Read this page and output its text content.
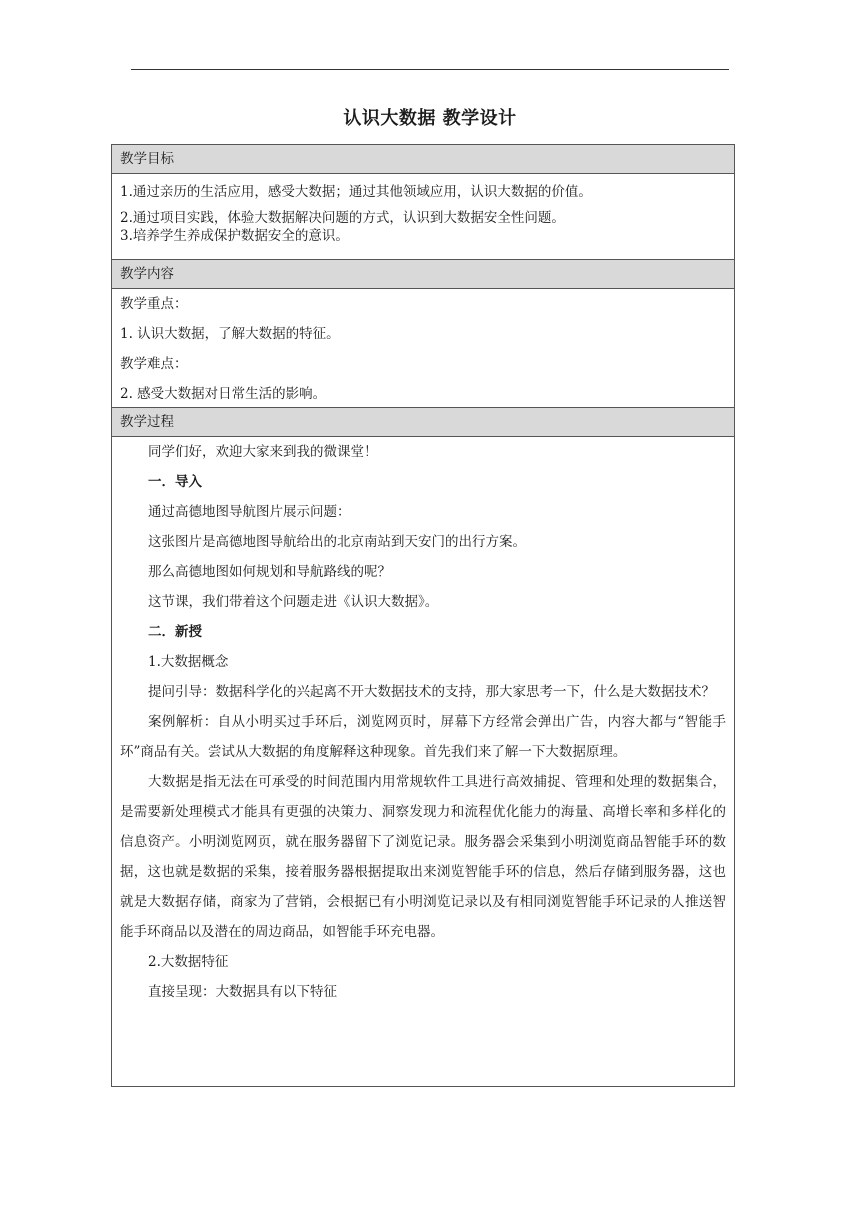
认识大数据 教学设计
教学目标
1.通过亲历的生活应用，感受大数据；通过其他领域应用，认识大数据的价值。
2.通过项目实践，体验大数据解决问题的方式，认识到大数据安全性问题。
3.培养学生养成保护数据安全的意识。
教学内容
教学重点：
1. 认识大数据，了解大数据的特征。
教学难点：
2. 感受大数据对日常生活的影响。
教学过程
同学们好，欢迎大家来到我的微课堂！
一．导入
通过高德地图导航图片展示问题：
这张图片是高德地图导航给出的北京南站到天安门的出行方案。
那么高德地图如何规划和导航路线的呢？
这节课，我们带着这个问题走进《认识大数据》。
二．新授
1.大数据概念
提问引导：数据科学化的兴起离不开大数据技术的支持，那大家思考一下，什么是大数据技术？
案例解析：自从小明买过手环后，浏览网页时，屏幕下方经常会弹出广告，内容大都与“智能手环”商品有关。尝试从大数据的角度解释这种现象。首先我们来了解一下大数据原理。
大数据是指无法在可承受的时间范围内用常规软件工具进行高效捕捉、管理和处理的数据集合，是需要新处理模式才能具有更强的决策力、洞察发现力和流程优化能力的海量、高增长率和多样化的信息资产。小明浏览网页，就在服务器留下了浏览记录。服务器会采集到小明浏览商品智能手环的数据，这也就是数据的采集，接着服务器根据提取出来浏览智能手环的信息，然后存储到服务器，这也就是大数据存储，商家为了营销，会根据已有小明浏览记录以及有相同浏览智能手环记录的人推送智能手环商品以及潜在的周边商品，如智能手环充电器。
2.大数据特征
直接呈现：大数据具有以下特征
